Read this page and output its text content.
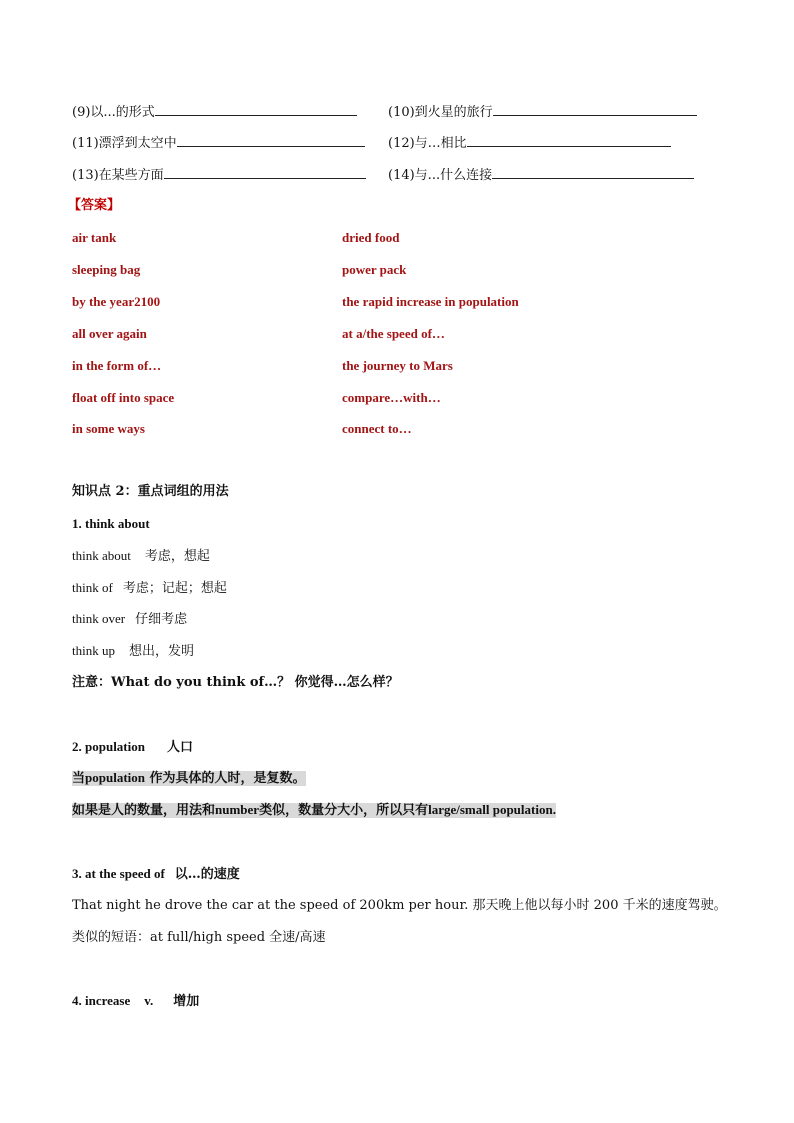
(9)以...的形式	(10)到火星的旅行
(11)漂浮到太空中	(12)与…相比
(13)在某些方面	(14)与...什么连接
【答案】
air tank	dried food
sleeping bag	power pack
by the year2100	the rapid increase in population
all over again	at a/the speed of…
in the form of…	the journey to Mars
float off into space	compare…with…
in some ways	connect to…
知识点 2：重点词组的用法
1. think about
think about 考虑，想起
think of 考虑；记起；想起
think over 仔细考虑
think up 想出，发明
注意：What do you think of…？ 你觉得…怎么样？
2. population 人口
当population 作为具体的人时，是复数。
如果是人的数量，用法和number类似，数量分大小，所以只有large/small population.
3. at the speed of 以…的速度
That night he drove the car at the speed of 200km per hour. 那天晚上他以每小时 200 千米的速度驾驶。
类似的短语：at full/high speed 全速/高速
4. increase v. 增加
